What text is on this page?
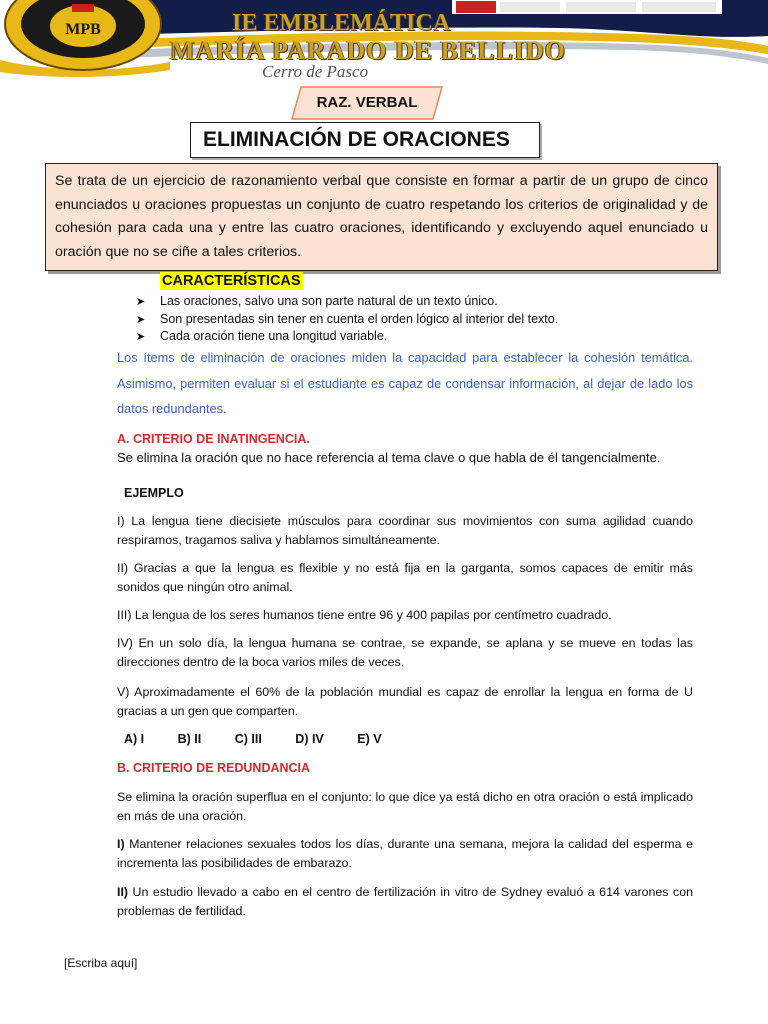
MPB	IE EMBLEMÁTICA
MARÍA PARADO DE BELLIDO
Cerro de Pasco
RAZ. VERBAL
ELIMINACIÓN DE ORACIONES
Se trata de un ejercicio de razonamiento verbal que consiste en formar a partir de un grupo de cinco enunciados u oraciones propuestas un conjunto de cuatro respetando los criterios de originalidad y de cohesión para cada una y entre las cuatro oraciones, identificando y excluyendo aquel enunciado u oración que no se ciñe a tales criterios.
CARACTERÍSTICAS
➤ Las oraciones, salvo una son parte natural de un texto único.
➤ Son presentadas sin tener en cuenta el orden lógico al interior del texto.
➤ Cada oración tiene una longitud variable.
Los ítems de eliminación de oraciones miden la capacidad para establecer la cohesión temática. Asimismo, permiten evaluar si el estudiante es capaz de condensar información, al dejar de lado los datos redundantes.
A. CRITERIO DE INATINGENCIA.
Se elimina la oración que no hace referencia al tema clave o que habla de él tangencialmente.
EJEMPLO
I) La lengua tiene diecisiete músculos para coordinar sus movimientos con suma agilidad cuando respiramos, tragamos saliva y hablamos simultáneamente.
II) Gracias a que la lengua es flexible y no está fija en la garganta, somos capaces de emitir más sonidos que ningún otro animal.
III) La lengua de los seres humanos tiene entre 96 y 400 papilas por centímetro cuadrado.
IV) En un solo día, la lengua humana se contrae, se expande, se aplana y se mueve en todas las direcciones dentro de la boca varios miles de veces.
V) Aproximadamente el 60% de la población mundial es capaz de enrollar la lengua en forma de U gracias a un gen que comparten.
A) I	B) II	C) III	D) IV	E) V
B. CRITERIO DE REDUNDANCIA
Se elimina la oración superflua en el conjunto: lo que dice ya está dicho en otra oración o está implicado en más de una oración.
I) Mantener relaciones sexuales todos los días, durante una semana, mejora la calidad del esperma e incrementa las posibilidades de embarazo.
II) Un estudio llevado a cabo en el centro de fertilización in vitro de Sydney evaluó a 614 varones con problemas de fertilidad.
[Escriba aquí]
